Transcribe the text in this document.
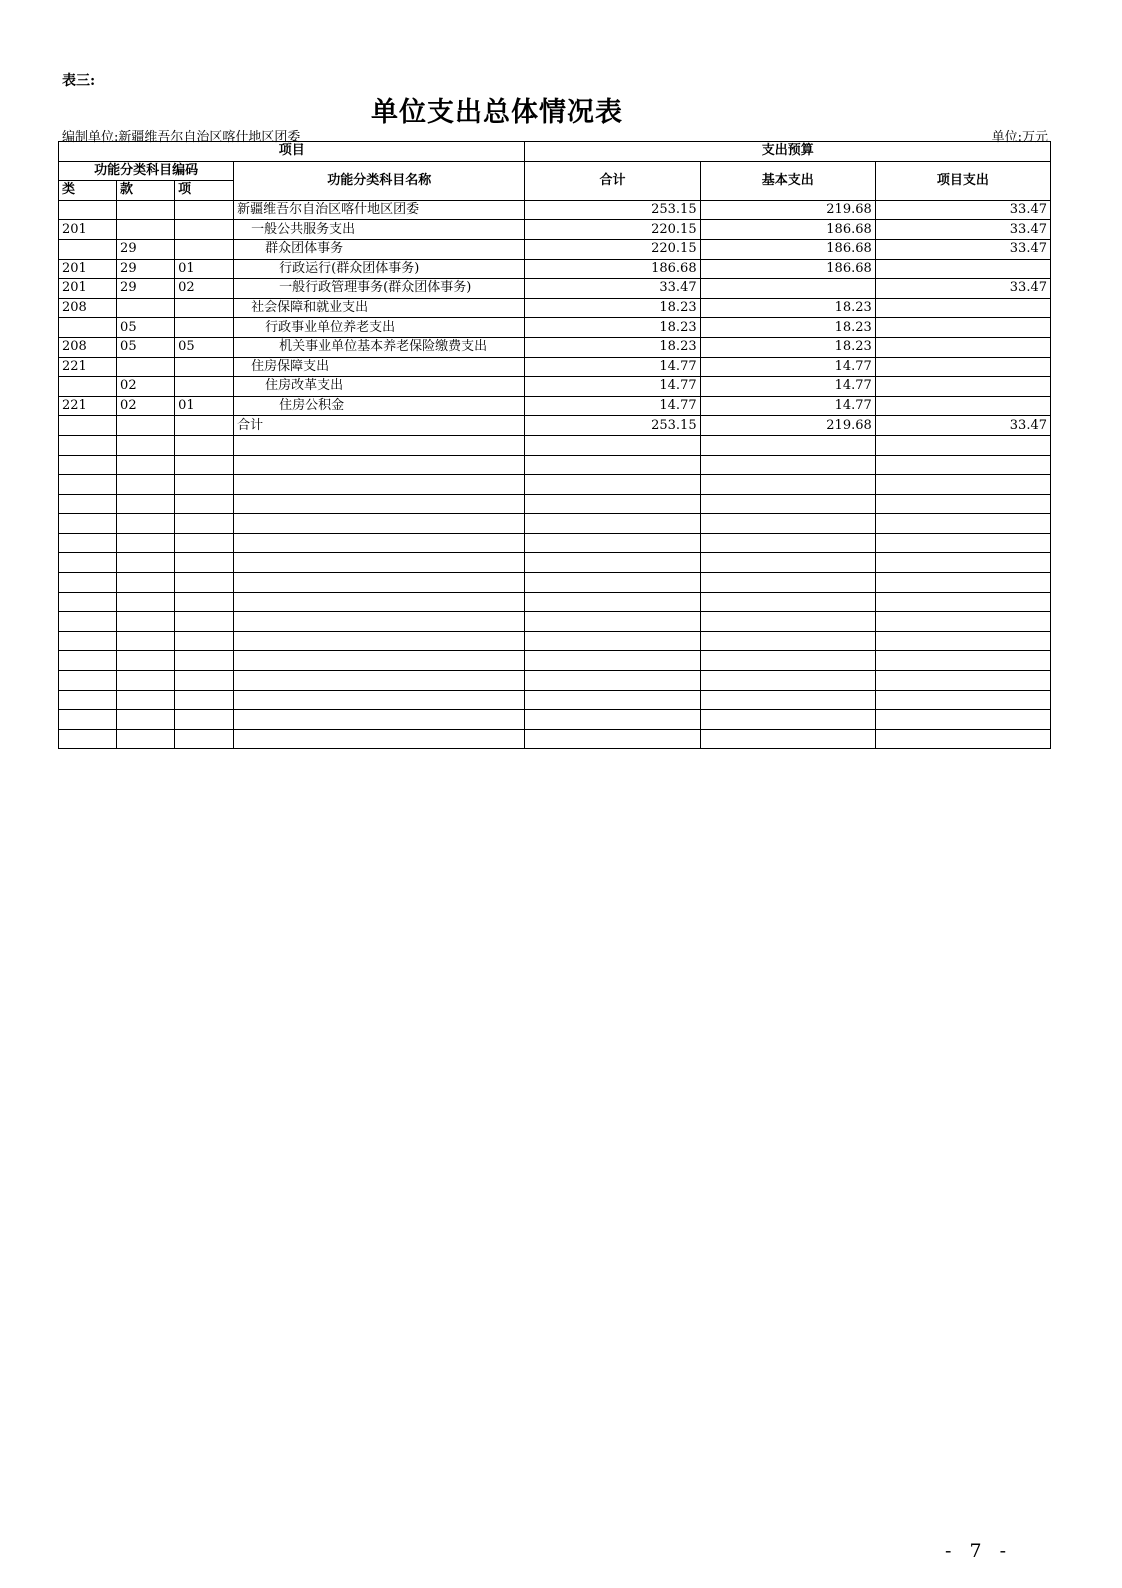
表三:
单位支出总体情况表
编制单位:新疆维吾尔自治区喀什地区团委	单位:万元
项目				支出预算		
功能分类科目编码			功能分类科目名称	合计	基本支出	项目支出
类	款	项				
			新疆维吾尔自治区喀什地区团委	253.15	219.68	33.47
201			一般公共服务支出	220.15	186.68	33.47
	29		群众团体事务	220.15	186.68	33.47
201	29	01	行政运行(群众团体事务)	186.68	186.68	
201	29	02	一般行政管理事务(群众团体事务)	33.47		33.47
208			社会保障和就业支出	18.23	18.23	
	05		行政事业单位养老支出	18.23	18.23	
208	05	05	机关事业单位基本养老保险缴费支出	18.23	18.23	
221			住房保障支出	14.77	14.77	
	02		住房改革支出	14.77	14.77	
221	02	01	住房公积金	14.77	14.77	
			合计	253.15	219.68	33.47

- 7 -
